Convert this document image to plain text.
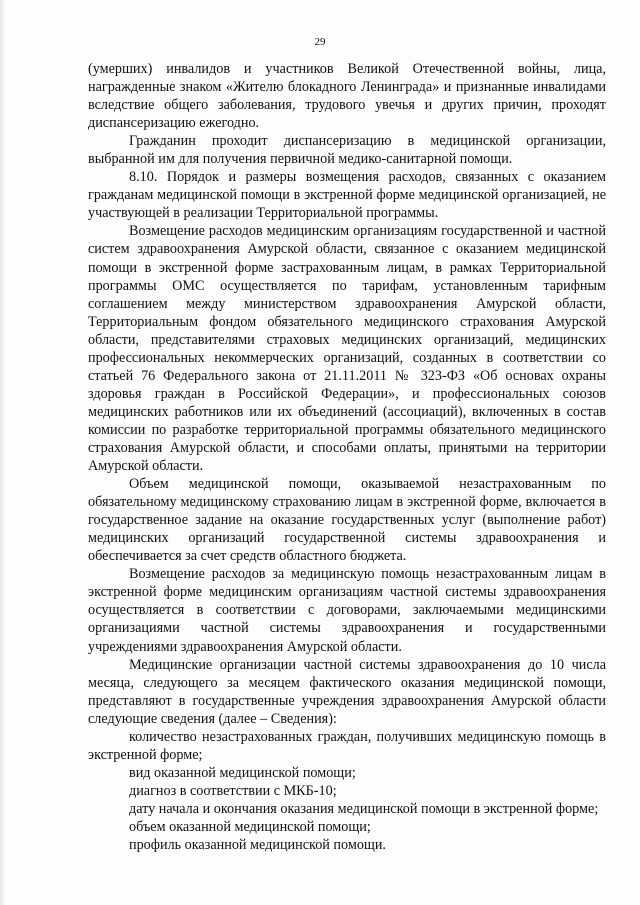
29

(умерших) инвалидов и участников Великой Отечественной войны, лица, награжденные знаком «Жителю блокадного Ленинграда» и признанные инвалидами вследствие общего заболевания, трудового увечья и других причин, проходят диспансеризацию ежегодно.

Гражданин проходит диспансеризацию в медицинской организации, выбранной им для получения первичной медико-санитарной помощи.

8.10. Порядок и размеры возмещения расходов, связанных с оказанием гражданам медицинской помощи в экстренной форме медицинской организацией, не участвующей в реализации Территориальной программы.

Возмещение расходов медицинским организациям государственной и частной систем здравоохранения Амурской области, связанное с оказанием медицинской помощи в экстренной форме застрахованным лицам, в рамках Территориальной программы ОМС осуществляется по тарифам, установленным тарифным соглашением между министерством здравоохранения Амурской области, Территориальным фондом обязательного медицинского страхования Амурской области, представителями страховых медицинских организаций, медицинских профессиональных некоммерческих организаций, созданных в соответствии со статьей 76 Федерального закона от 21.11.2011 № 323-ФЗ «Об основах охраны здоровья граждан в Российской Федерации», и профессиональных союзов медицинских работников или их объединений (ассоциаций), включенных в состав комиссии по разработке территориальной программы обязательного медицинского страхования Амурской области, и способами оплаты, принятыми на территории Амурской области.

Объем медицинской помощи, оказываемой незастрахованным по обязательному медицинскому страхованию лицам в экстренной форме, включается в государственное задание на оказание государственных услуг (выполнение работ) медицинских организаций государственной системы здравоохранения и обеспечивается за счет средств областного бюджета.

Возмещение расходов за медицинскую помощь незастрахованным лицам в экстренной форме медицинским организациям частной системы здравоохранения осуществляется в соответствии с договорами, заключаемыми медицинскими организациями частной системы здравоохранения и государственными учреждениями здравоохранения Амурской области.

Медицинские организации частной системы здравоохранения до 10 числа месяца, следующего за месяцем фактического оказания медицинской помощи, представляют в государственные учреждения здравоохранения Амурской области следующие сведения (далее – Сведения):

количество незастрахованных граждан, получивших медицинскую помощь в экстренной форме;

вид оказанной медицинской помощи;

диагноз в соответствии с МКБ-10;

дату начала и окончания оказания медицинской помощи в экстренной форме;

объем оказанной медицинской помощи;

профиль оказанной медицинской помощи.
